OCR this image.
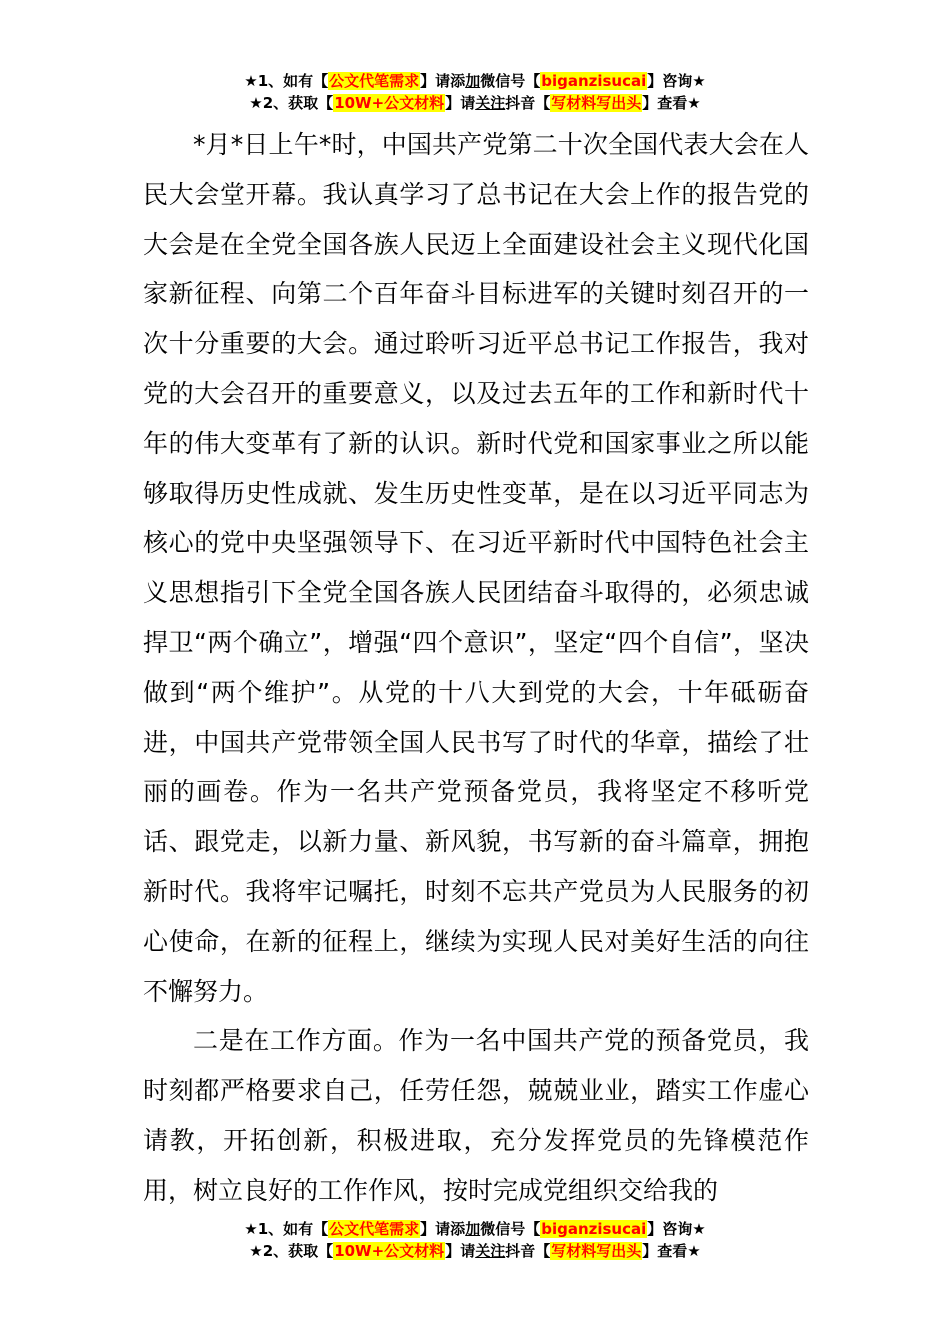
★1、如有【公文代笔需求】请添加微信号【biganzisucai】咨询★
★2、获取【10W+公文材料】请关注抖音【写材料写出头】查看★

*月*日上午*时，中国共产党第二十次全国代表大会在人民大会堂开幕。我认真学习了总书记在大会上作的报告党的大会是在全党全国各族人民迈上全面建设社会主义现代化国家新征程、向第二个百年奋斗目标进军的关键时刻召开的一次十分重要的大会。通过聆听习近平总书记工作报告，我对党的大会召开的重要意义，以及过去五年的工作和新时代十年的伟大变革有了新的认识。新时代党和国家事业之所以能够取得历史性成就、发生历史性变革，是在以习近平同志为核心的党中央坚强领导下、在习近平新时代中国特色社会主义思想指引下全党全国各族人民团结奋斗取得的，必须忠诚捍卫“两个确立”，增强“四个意识”，坚定“四个自信”，坚决做到“两个维护”。从党的十八大到党的大会，十年砥砺奋进，中国共产党带领全国人民书写了时代的华章，描绘了壮丽的画卷。作为一名共产党预备党员，我将坚定不移听党话、跟党走，以新力量、新风貌，书写新的奋斗篇章，拥抱新时代。我将牢记嘱托，时刻不忘共产党员为人民服务的初心使命，在新的征程上，继续为实现人民对美好生活的向往不懈努力。

二是在工作方面。作为一名中国共产党的预备党员，我时刻都严格要求自己，任劳任怨，兢兢业业，踏实工作虚心请教，开拓创新，积极进取，充分发挥党员的先锋模范作用，树立良好的工作作风，按时完成党组织交给我的

★1、如有【公文代笔需求】请添加微信号【biganzisucai】咨询★
★2、获取【10W+公文材料】请关注抖音【写材料写出头】查看★
